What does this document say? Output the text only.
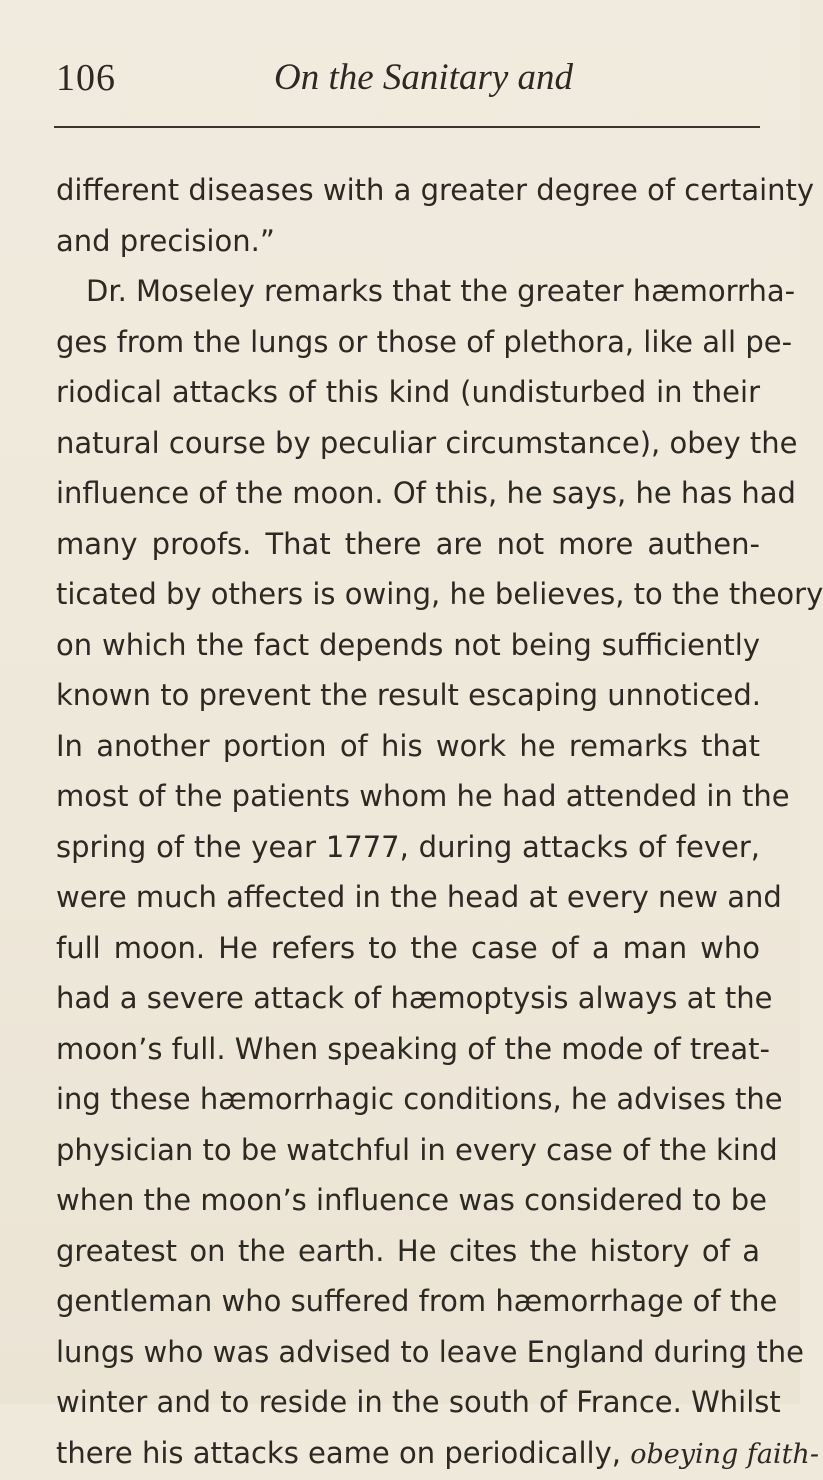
106	On the Sanitary and
different diseases with a greater degree of certainty
and precision.”
Dr. Moseley remarks that the greater hæmorrha-
ges from the lungs or those of plethora, like all pe-
riodical attacks of this kind (undisturbed in their
natural course by peculiar circumstance), obey the
influence of the moon. Of this, he says, he has had
many proofs. That there are not more authen-
ticated by others is owing, he believes, to the theory
on which the fact depends not being sufficiently
known to prevent the result escaping unnoticed.
In another portion of his work he remarks that
most of the patients whom he had attended in the
spring of the year 1777, during attacks of fever,
were much affected in the head at every new and
full moon. He refers to the case of a man who
had a severe attack of hæmoptysis always at the
moon’s full. When speaking of the mode of treat-
ing these hæmorrhagic conditions, he advises the
physician to be watchful in every case of the kind
when the moon’s influence was considered to be
greatest on the earth. He cites the history of a
gentleman who suffered from hæmorrhage of the
lungs who was advised to leave England during the
winter and to reside in the south of France. Whilst
there his attacks eame on periodically, obeying faith-
